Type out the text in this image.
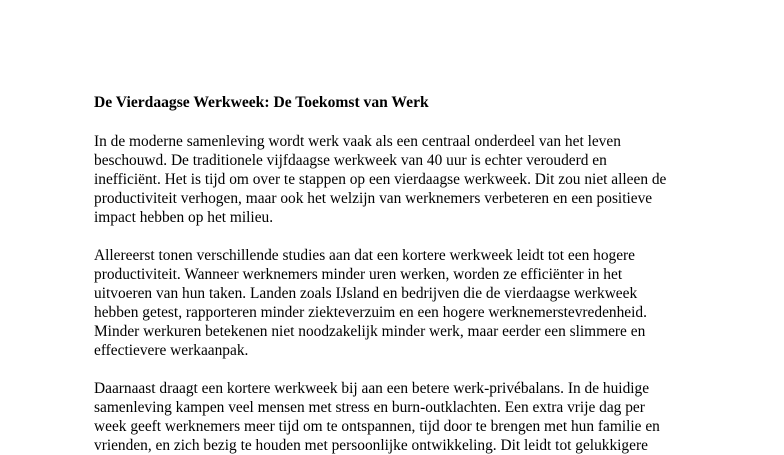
De Vierdaagse Werkweek: De Toekomst van Werk

In de moderne samenleving wordt werk vaak als een centraal onderdeel van het leven
beschouwd. De traditionele vijfdaagse werkweek van 40 uur is echter verouderd en
inefficiënt. Het is tijd om over te stappen op een vierdaagse werkweek. Dit zou niet alleen de
productiviteit verhogen, maar ook het welzijn van werknemers verbeteren en een positieve
impact hebben op het milieu.

Allereerst tonen verschillende studies aan dat een kortere werkweek leidt tot een hogere
productiviteit. Wanneer werknemers minder uren werken, worden ze efficiënter in het
uitvoeren van hun taken. Landen zoals IJsland en bedrijven die de vierdaagse werkweek
hebben getest, rapporteren minder ziekteverzuim en een hogere werknemerstevredenheid.
Minder werkuren betekenen niet noodzakelijk minder werk, maar eerder een slimmere en
effectievere werkaanpak.

Daarnaast draagt een kortere werkweek bij aan een betere werk-privébalans. In de huidige
samenleving kampen veel mensen met stress en burn-outklachten. Een extra vrije dag per
week geeft werknemers meer tijd om te ontspannen, tijd door te brengen met hun familie en
vrienden, en zich bezig te houden met persoonlijke ontwikkeling. Dit leidt tot gelukkigere
